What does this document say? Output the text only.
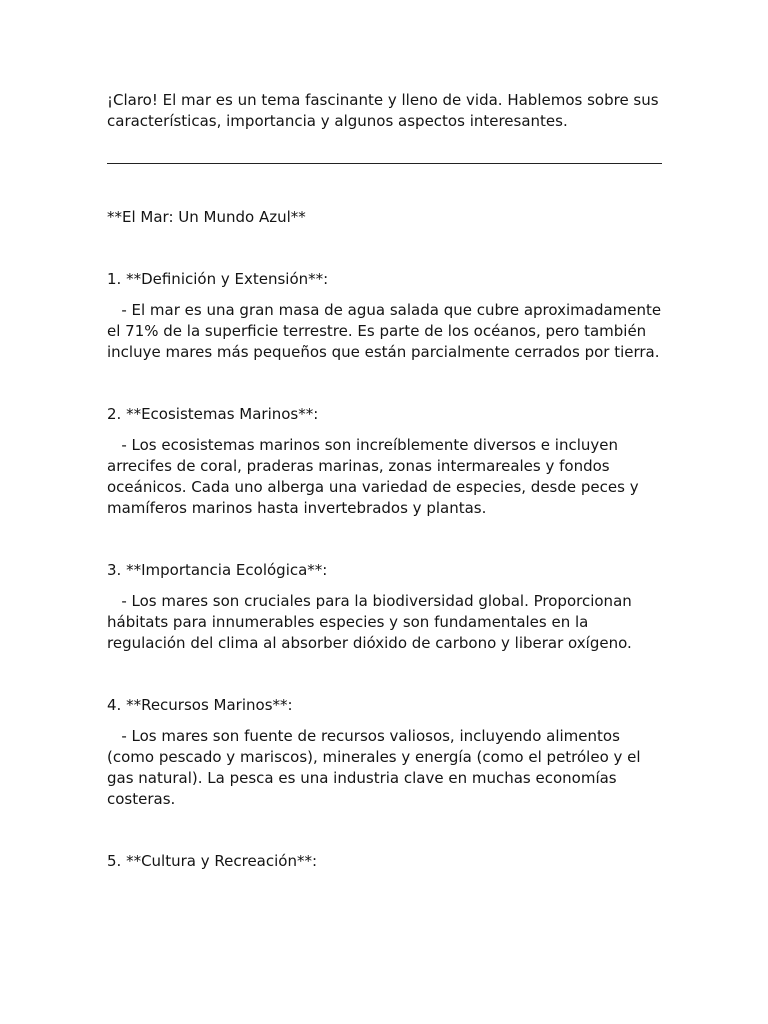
¡Claro! El mar es un tema fascinante y lleno de vida. Hablemos sobre sus características, importancia y algunos aspectos interesantes.

**El Mar: Un Mundo Azul**

1. **Definición y Extensión**:

- El mar es una gran masa de agua salada que cubre aproximadamente el 71% de la superficie terrestre. Es parte de los océanos, pero también incluye mares más pequeños que están parcialmente cerrados por tierra.

2. **Ecosistemas Marinos**:

- Los ecosistemas marinos son increíblemente diversos e incluyen arrecifes de coral, praderas marinas, zonas intermareales y fondos oceánicos. Cada uno alberga una variedad de especies, desde peces y mamíferos marinos hasta invertebrados y plantas.

3. **Importancia Ecológica**:

- Los mares son cruciales para la biodiversidad global. Proporcionan hábitats para innumerables especies y son fundamentales en la regulación del clima al absorber dióxido de carbono y liberar oxígeno.

4. **Recursos Marinos**:

- Los mares son fuente de recursos valiosos, incluyendo alimentos (como pescado y mariscos), minerales y energía (como el petróleo y el gas natural). La pesca es una industria clave en muchas economías costeras.

5. **Cultura y Recreación**:
